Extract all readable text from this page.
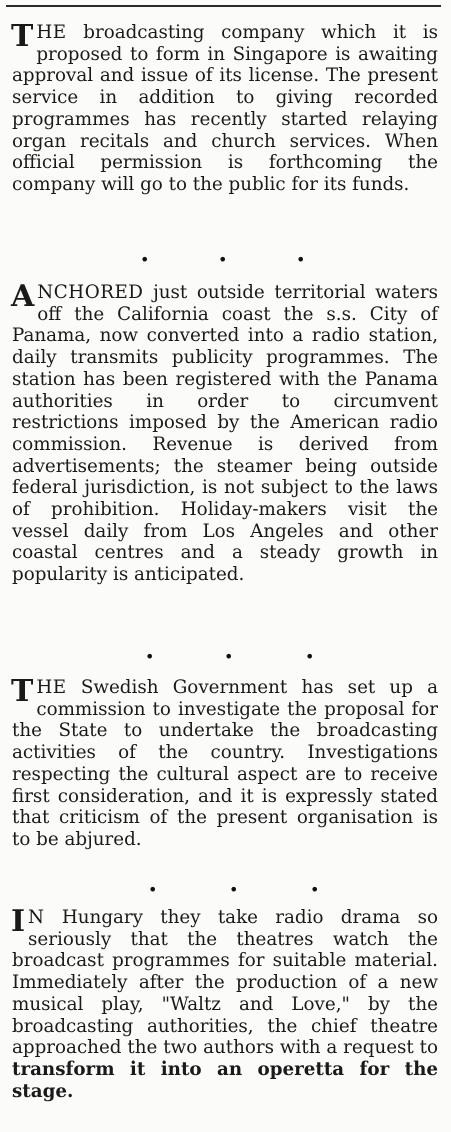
THE broadcasting company which it is proposed to form in Singapore is awaiting approval and issue of its license. The present service in addition to giving recorded programmes has recently started relaying organ recitals and church services. When official permission is forthcoming the company will go to the public for its funds.

•	•	•

ANCHORED just outside territorial waters off the California coast the s.s. City of Panama, now converted into a radio station, daily transmits publicity programmes. The station has been registered with the Panama authorities in order to circumvent restrictions imposed by the American radio commission. Revenue is derived from advertisements; the steamer being outside federal jurisdiction, is not subject to the laws of prohibition. Holiday-makers visit the vessel daily from Los Angeles and other coastal centres and a steady growth in popularity is anticipated.

•	•	•

THE Swedish Government has set up a commission to investigate the proposal for the State to undertake the broadcasting activities of the country. Investigations respecting the cultural aspect are to receive first consideration, and it is expressly stated that criticism of the present organisation is to be abjured.

•	•	•

I N Hungary they take radio drama so seriously that the theatres watch the broadcast programmes for suitable material. Immediately after the production of a new musical play, "Waltz and Love," by the broadcasting authorities, the chief theatre approached the two authors with a request to transform it into an operetta for the stage.
